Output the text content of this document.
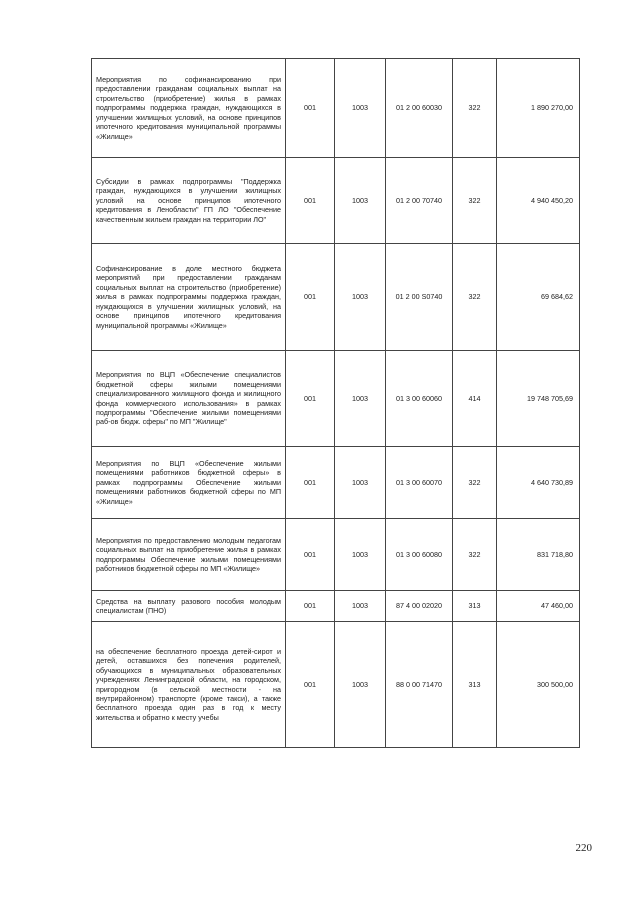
Мероприятия по софинансированию при предоставлении гражданам социальных выплат на строительство (приобретение) жилья в рамках подпрограммы поддержка граждан, нуждающихся в улучшении жилищных условий, на основе принципов ипотечного кредитования муниципальной программы «Жилище»	001	1003	01 2 00 60030	322	1 890 270,00
Субсидии в рамках подпрограммы "Поддержка граждан, нуждающихся в улучшении жилищных условий на основе принципов ипотечного кредитования в Ленобласти" ГП ЛО "Обеспечение качественным жильем граждан на территории ЛО"	001	1003	01 2 00 70740	322	4 940 450,20
Софинансирование в доле местного бюджета мероприятий при предоставлении гражданам социальных выплат на строительство (приобретение) жилья в рамках подпрограммы поддержка граждан, нуждающихся в улучшении жилищных условий, на основе принципов ипотечного кредитования муниципальной программы «Жилище»	001	1003	01 2 00 S0740	322	69 684,62
Мероприятия по ВЦП «Обеспечение специалистов бюджетной сферы жилыми помещениями специализированного жилищного фонда и жилищного фонда коммерческого использования» в рамках подпрограммы "Обеспечение жилыми помещениями раб-ов бюдж. сферы" по МП "Жилище"	001	1003	01 3 00 60060	414	19 748 705,69
Мероприятия по ВЦП «Обеспечение жилыми помещениями работников бюджетной сферы» в рамках подпрограммы Обеспечение жилыми помещениями работников бюджетной сферы по МП «Жилище»	001	1003	01 3 00 60070	322	4 640 730,89
Мероприятия по предоставлению молодым педагогам социальных выплат на приобретение жилья в рамках подпрограммы Обеспечение жилыми помещениями работников бюджетной сферы по МП «Жилище»	001	1003	01 3 00 60080	322	831 718,80
Средства на выплату разового пособия молодым специалистам (ПНО)	001	1003	87 4 00 02020	313	47 460,00
на обеспечение бесплатного проезда детей-сирот и детей, оставшихся без попечения родителей, обучающихся в муниципальных образовательных учреждениях Ленинградской области, на городском, пригородном (в сельской местности - на внутрирайонном) транспорте (кроме такси), а также бесплатного проезда один раз в год к месту жительства и обратно к месту учебы	001	1003	88 0 00 71470	313	300 500,00
220
